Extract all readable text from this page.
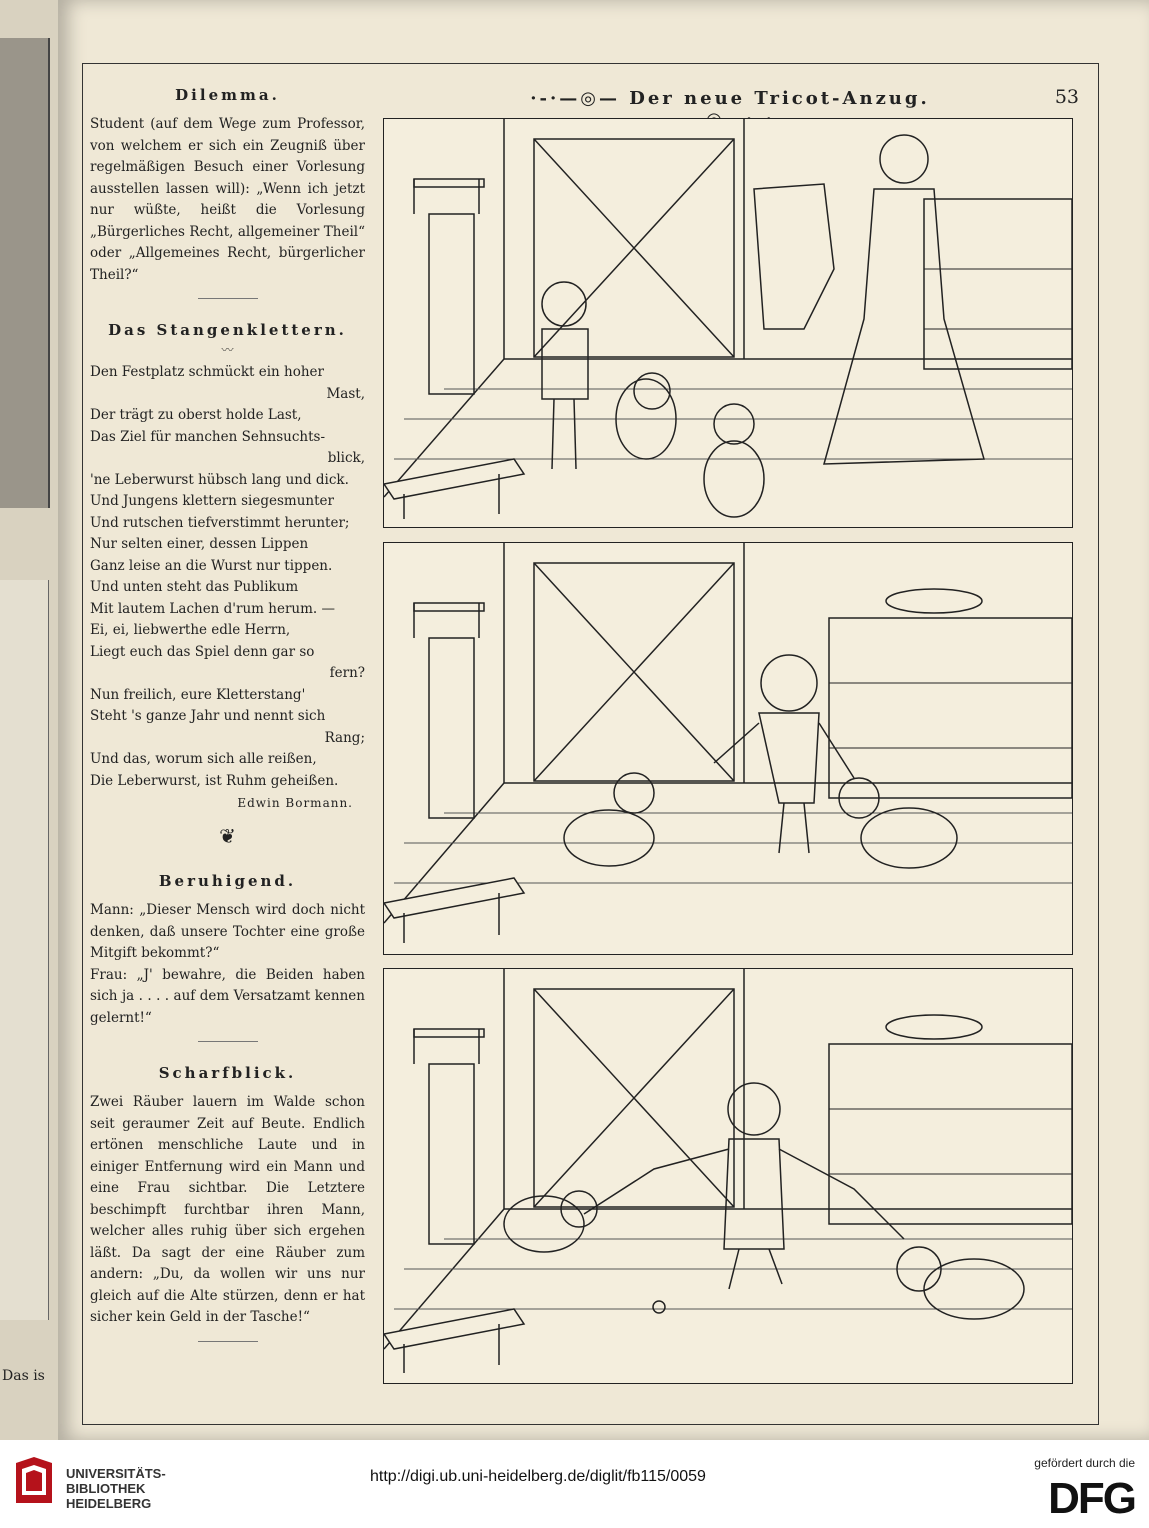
Das is
·-·—◎— Der neue Tricot-Anzug.	53
Dilemma.

Student (auf dem Wege zum Professor, von welchem er sich ein Zeugniß über regelmäßigen Besuch einer Vorlesung ausstellen lassen will): „Wenn ich jetzt nur wüßte, heißt die Vorlesung „Bürgerliches Recht, allgemeiner Theil“ oder „Allgemeines Recht, bürgerlicher Theil?“

Das Stangenklettern.
〰
Den Festplatz schmückt ein hoher
Mast,
Der trägt zu oberst holde Last,
Das Ziel für manchen Sehnsuchts-
blick,
'ne Leberwurst hübsch lang und dick.
Und Jungens klettern siegesmunter
Und rutschen tiefverstimmt herunter;
Nur selten einer, dessen Lippen
Ganz leise an die Wurst nur tippen.
Und unten steht das Publikum
Mit lautem Lachen d'rum herum. —
Ei, ei, liebwerthe edle Herrn,
Liegt euch das Spiel denn gar so
fern?
Nun freilich, eure Kletterstang'
Steht 's ganze Jahr und nennt sich
Rang;
Und das, worum sich alle reißen,
Die Leberwurst, ist Ruhm geheißen.
Edwin Bormann.
❦
Beruhigend.

Mann: „Dieser Mensch wird doch nicht denken, daß unsere Tochter eine große Mitgift bekommt?“

Frau: „J' bewahre, die Beiden haben sich ja . . . . auf dem Versatzamt kennen gelernt!“

Scharfblick.

Zwei Räuber lauern im Walde schon seit geraumer Zeit auf Beute. Endlich ertönen menschliche Laute und in einiger Entfernung wird ein Mann und eine Frau sichtbar. Die Letztere beschimpft furchtbar ihren Mann, welcher alles ruhig über sich ergehen läßt. Da sagt der eine Räuber zum andern: „Du, da wollen wir uns nur gleich auf die Alte stürzen, denn er hat sicher kein Geld in der Tasche!“

UNIVERSITÄTS-
BIBLIOTHEK
HEIDELBERG
http://digi.ub.uni-heidelberg.de/diglit/fb115/0059
gefördert durch die
DFG
